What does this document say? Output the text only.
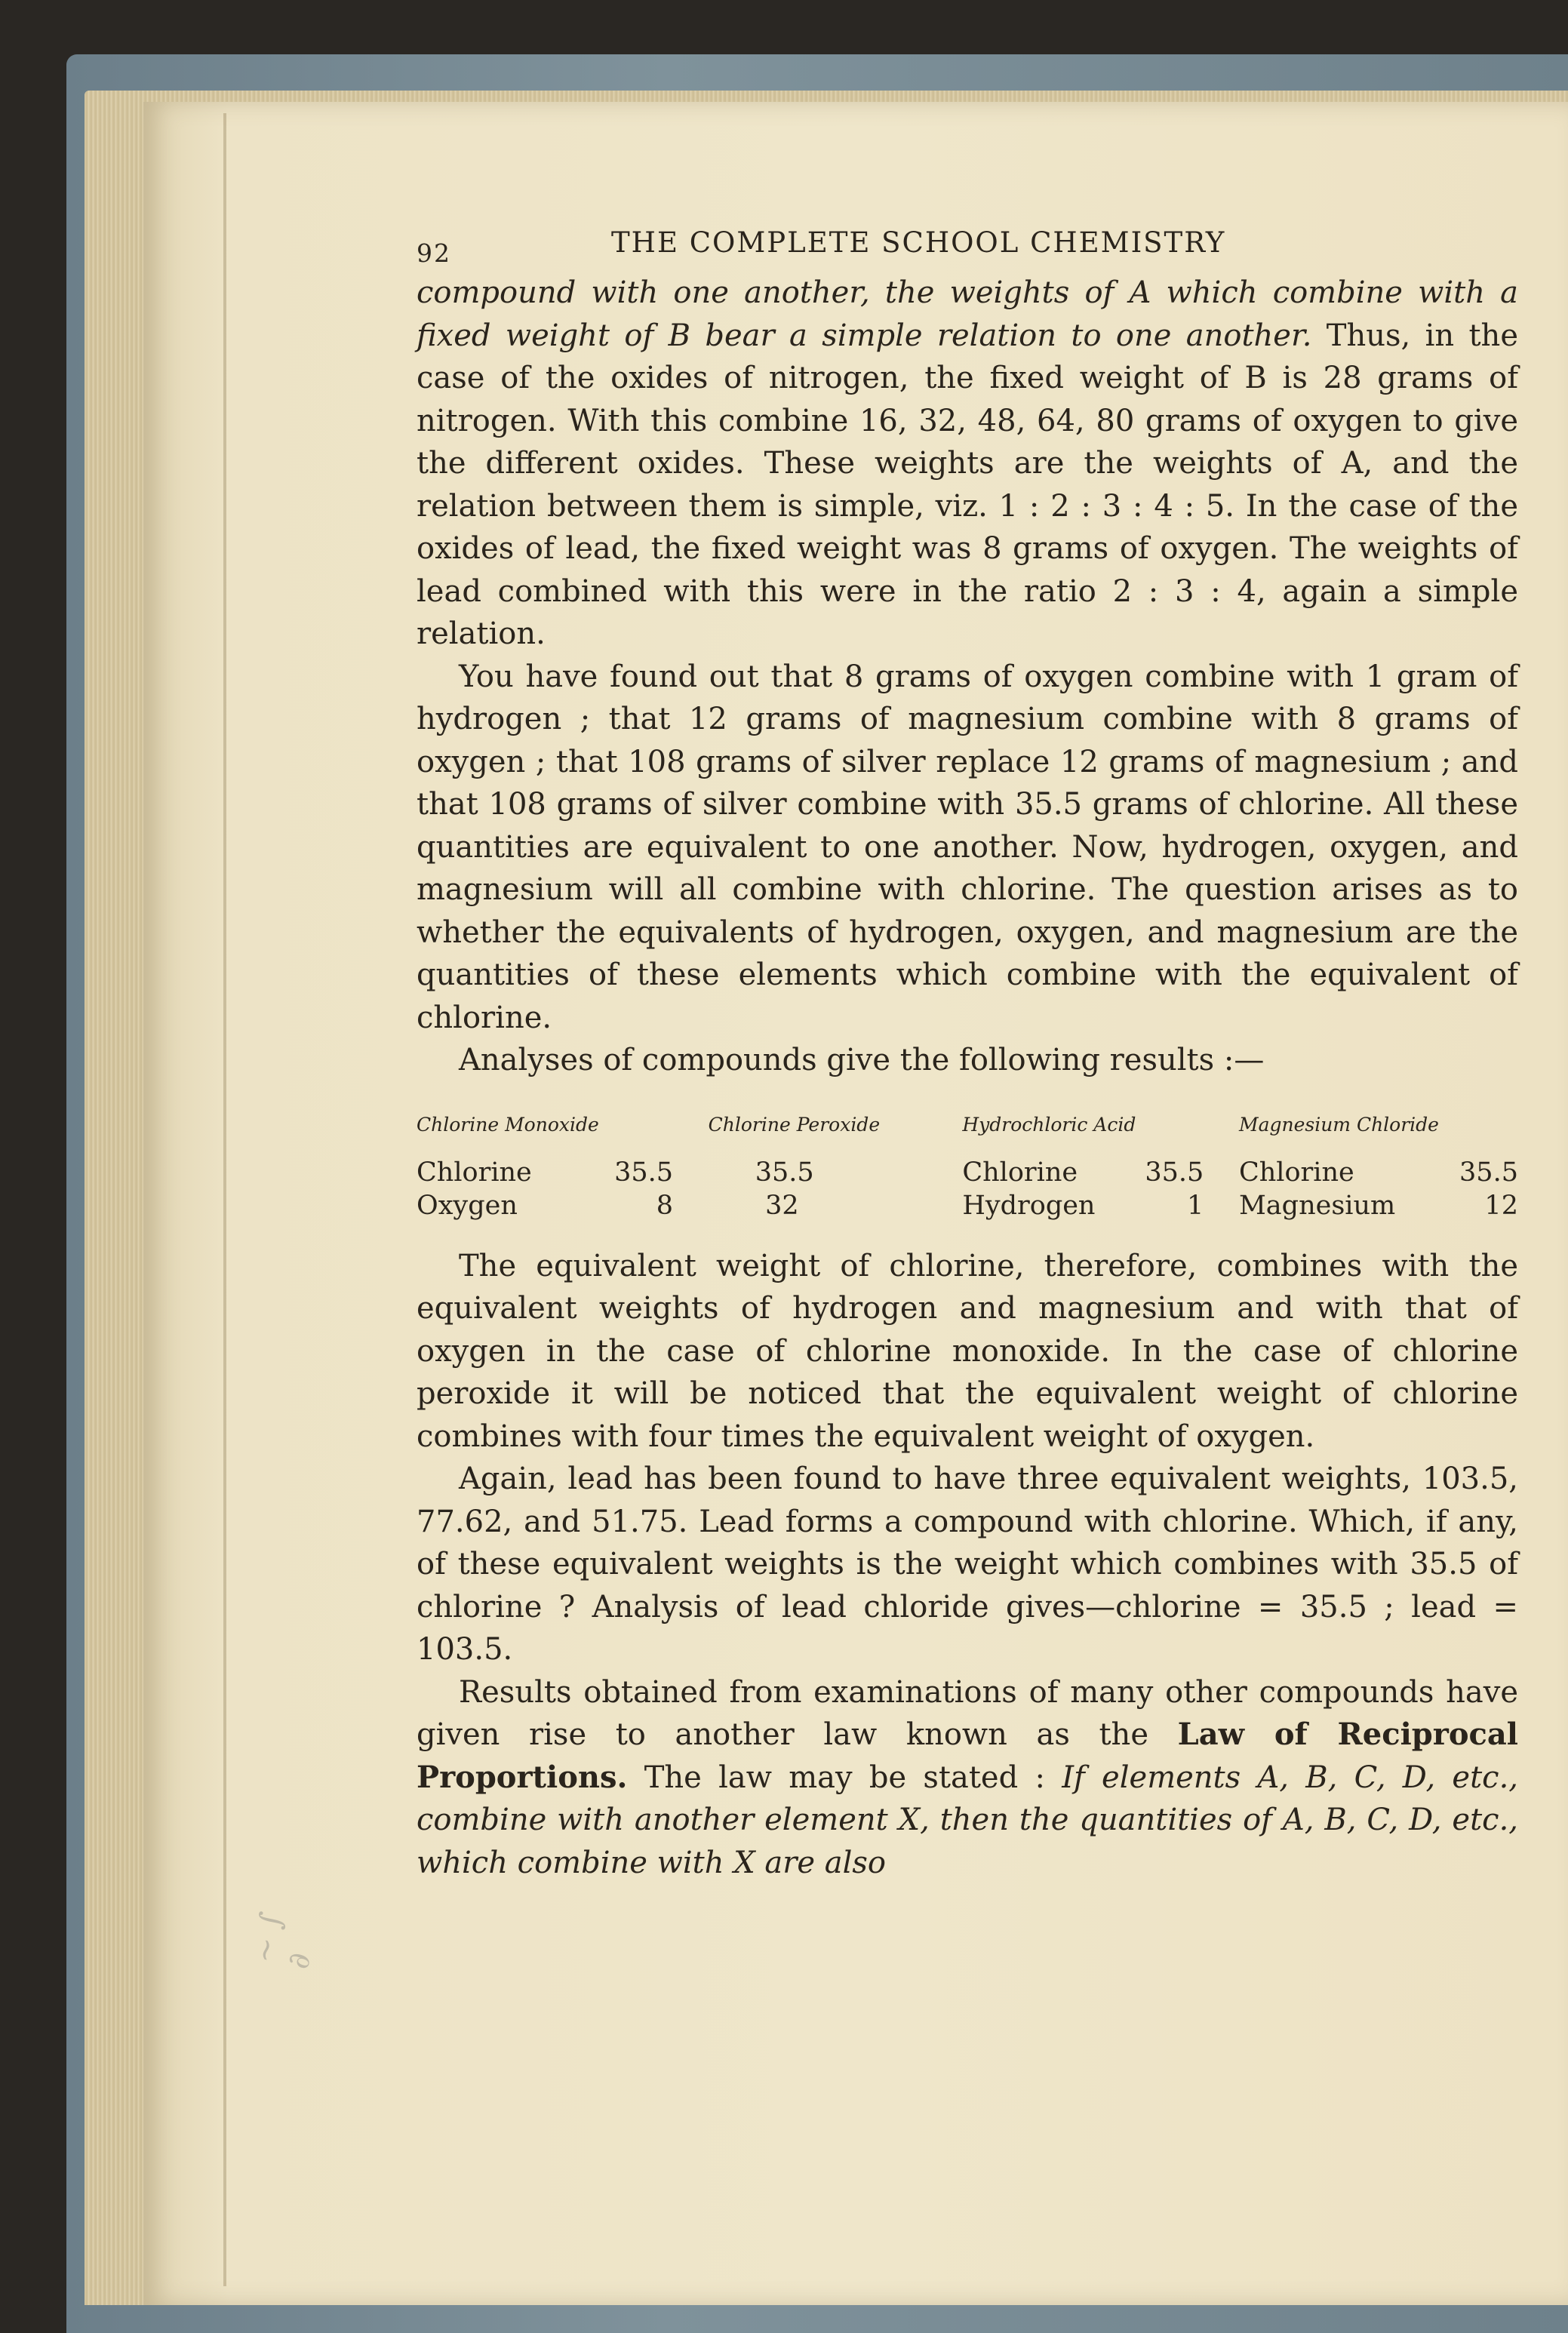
92	THE COMPLETE SCHOOL CHEMISTRY

compound with one another, the weights of A which combine with a fixed weight of B bear a simple relation to one another. Thus, in the case of the oxides of nitrogen, the fixed weight of B is 28 grams of nitrogen. With this combine 16, 32, 48, 64, 80 grams of oxygen to give the different oxides. These weights are the weights of A, and the relation between them is simple, viz. 1 : 2 : 3 : 4 : 5. In the case of the oxides of lead, the fixed weight was 8 grams of oxygen. The weights of lead combined with this were in the ratio 2 : 3 : 4, again a simple relation.

You have found out that 8 grams of oxygen combine with 1 gram of hydrogen ; that 12 grams of magnesium combine with 8 grams of oxygen ; that 108 grams of silver replace 12 grams of magnesium ; and that 108 grams of silver combine with 35.5 grams of chlorine. All these quantities are equivalent to one another. Now, hydrogen, oxygen, and magnesium will all combine with chlorine. The question arises as to whether the equivalents of hydrogen, oxygen, and magnesium are the quantities of these elements which combine with the equivalent of chlorine.

Analyses of compounds give the following results :—

Chlorine Monoxide
Chlorine	35.5
Oxygen	8
Chlorine Peroxide
35.5
32
Hydrochloric Acid
Chlorine	35.5
Hydrogen	1
Magnesium Chloride
Chlorine	35.5
Magnesium	12

The equivalent weight of chlorine, therefore, combines with the equivalent weights of hydrogen and magnesium and with that of oxygen in the case of chlorine monoxide. In the case of chlorine peroxide it will be noticed that the equivalent weight of chlorine combines with four times the equivalent weight of oxygen.

Again, lead has been found to have three equivalent weights, 103.5, 77.62, and 51.75. Lead forms a compound with chlorine. Which, if any, of these equivalent weights is the weight which combines with 35.5 of chlorine ? Analysis of lead chloride gives—chlorine = 35.5 ; lead = 103.5.

Results obtained from examinations of many other compounds have given rise to another law known as the Law of Reciprocal Proportions. The law may be stated : If elements A, B, C, D, etc., combine with another element X, then the quantities of A, B, C, D, etc., which combine with X are also

~ ∫ ∂
